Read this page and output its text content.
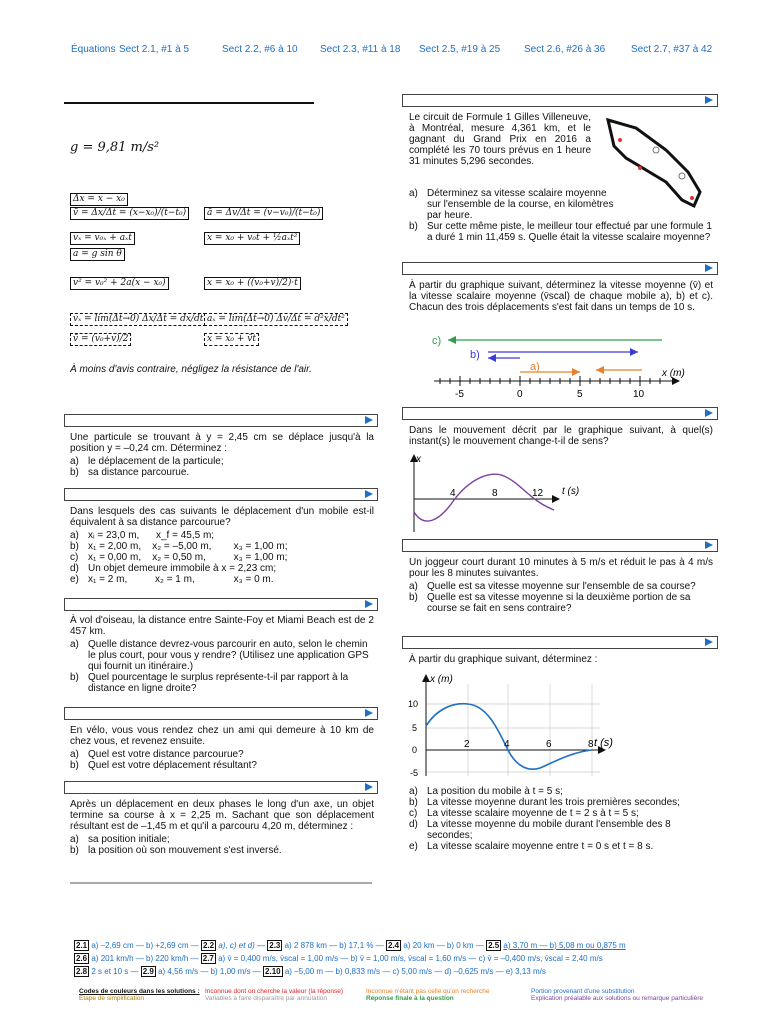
Équations Sect 2.1, #1 à 5	Sect 2.2, #6 à 10 Sect 2.3, #11 à 18 Sect 2.5, #19 à 25 Sect 2.6, #26 à 36	Sect 2.7, #37 à 42
g = 9,81 m/s²
Δx = x − x₀
v̄ = Δx/Δt = (x−x₀)/(t−t₀)
vₓ = v₀ₓ + aₓt
a = g sin θ
ā = Δv/Δt = (v−v₀)/(t−t₀)
x = x₀ + v₀t + ½aₓt²
v² = v₀² + 2a(x − x₀)	x = x₀ + ((v₀+v)/2)·t
vₓ = lim(Δt→0) Δx/Δt = dx/dt aₓ = lim(Δt→0) Δv/Δt = d²x/dt²
v̄ = (v₀+v)/2	x = x₀ + v̄t
À moins d'avis contraire, négligez la résistance de l'air.
Une particule se trouvant à y = 2,45 cm se déplace jusqu'à la position y = –0,24 cm. Déterminez :
a) le déplacement de la particule;
b) sa distance parcourue.
Dans lesquels des cas suivants le déplacement d'un mobile est-il équivalent à sa distance parcourue?
a) xᵢ = 23,0 m,      x_f = 45,5 m;
b) x₁ = 2,00 m,    x₂ = –5,00 m,        x₃ = 1,00 m;
c) x₁ = 0,00 m,    x₂ = 0,50 m,          x₃ = 1,00 m;
d) Un objet demeure immobile à x = 2,23 cm;
e) x₁ = 2 m,          x₂ = 1 m,              x₃ = 0 m.
À vol d'oiseau, la distance entre Sainte-Foy et Miami Beach est de 2 457 km.
a) Quelle distance devrez-vous parcourir en auto, selon le chemin le plus court, pour vous y rendre? (Utilisez une application GPS qui fournit un itinéraire.)
b) Quel pourcentage le surplus représente-t-il par rapport à la distance en ligne droite?
En vélo, vous vous rendez chez un ami qui demeure à 10 km de chez vous, et revenez ensuite.
a) Quel est votre distance parcourue?
b) Quel est votre déplacement résultant?
Après un déplacement en deux phases le long d'un axe, un objet termine sa course à x = 2,25 m. Sachant que son déplacement résultant est de –1,45 m et qu'il a parcouru 4,20 m, déterminez :
a) sa position initiale;
b) la position où son mouvement s'est inversé.
Le circuit de Formule 1 Gilles Villeneuve, à Montréal, mesure 4,361 km, et le gagnant du Grand Prix en 2016 a complété les 70 tours prévus en 1 heure 31 minutes 5,296 secondes.
a) Déterminez sa vitesse scalaire moyenne sur l'ensemble de la course, en kilomètres par heure.
b) Sur cette même piste, le meilleur tour effectué par une formule 1 a duré 1 min 11,459 s. Quelle était la vitesse scalaire moyenne?
À partir du graphique suivant, déterminez la vitesse moyenne (v̄) et la vitesse scalaire moyenne (v̄scal) de chaque mobile a), b) et c). Chacun des trois déplacements s'est fait dans un temps de 10 s.
c)
b)
a)
x (m)
-5	0	5	10
Dans le mouvement décrit par le graphique suivant, à quel(s) instant(s) le mouvement change-t-il de sens?
x
t (s)
4	8	12
Un joggeur court durant 10 minutes à 5 m/s et réduit le pas à 4 m/s pour les 8 minutes suivantes.
a) Quelle est sa vitesse moyenne sur l'ensemble de sa course?
b) Quelle est sa vitesse moyenne si la deuxième portion de sa course se fait en sens contraire?
À partir du graphique suivant, déterminez :
x (m)
t (s)
10
5
0
-5
2	4	6	8
a) La position du mobile à t = 5 s;
b) La vitesse moyenne durant les trois premières secondes;
c) La vitesse scalaire moyenne de t = 2 s à t = 5 s;
d) La vitesse moyenne du mobile durant l'ensemble des 8 secondes;
e) La vitesse scalaire moyenne entre t = 0 s et t = 8 s.
2.1 a) –2,69 cm — b) +2,69 cm — 2.2 a), c) et d) — 2.3 a) 2 878 km — b) 17,1 % — 2.4 a) 20 km — b) 0 km — 2.5 a) 3,70 m — b) 5,08 m ou 0,875 m
2.6 a) 201 km/h — b) 220 km/h — 2.7 a) v̄ = 0,400 m/s, v̄scal = 1,00 m/s — b) v̄ = 1,00 m/s, v̄scal = 1,60 m/s — c) v̄ = –0,400 m/s, v̄scal = 2,40 m/s
2.8 2 s et 10 s — 2.9 a) 4,56 m/s — b) 1,00 m/s — 2.10 a) –5,00 m — b) 0,833 m/s — c) 5,00 m/s — d) –0,625 m/s — e) 3,13 m/s
Codes de couleurs dans les solutions :
Étape de simplification
Inconnue dont on cherche la valeur (la réponse)
Variables à faire disparaître par annulation
Inconnue n'étant pas celle qu'on recherche
Réponse finale à la question
Portion provenant d'une substitution
Explication préalable aux solutions ou remarque particulière
